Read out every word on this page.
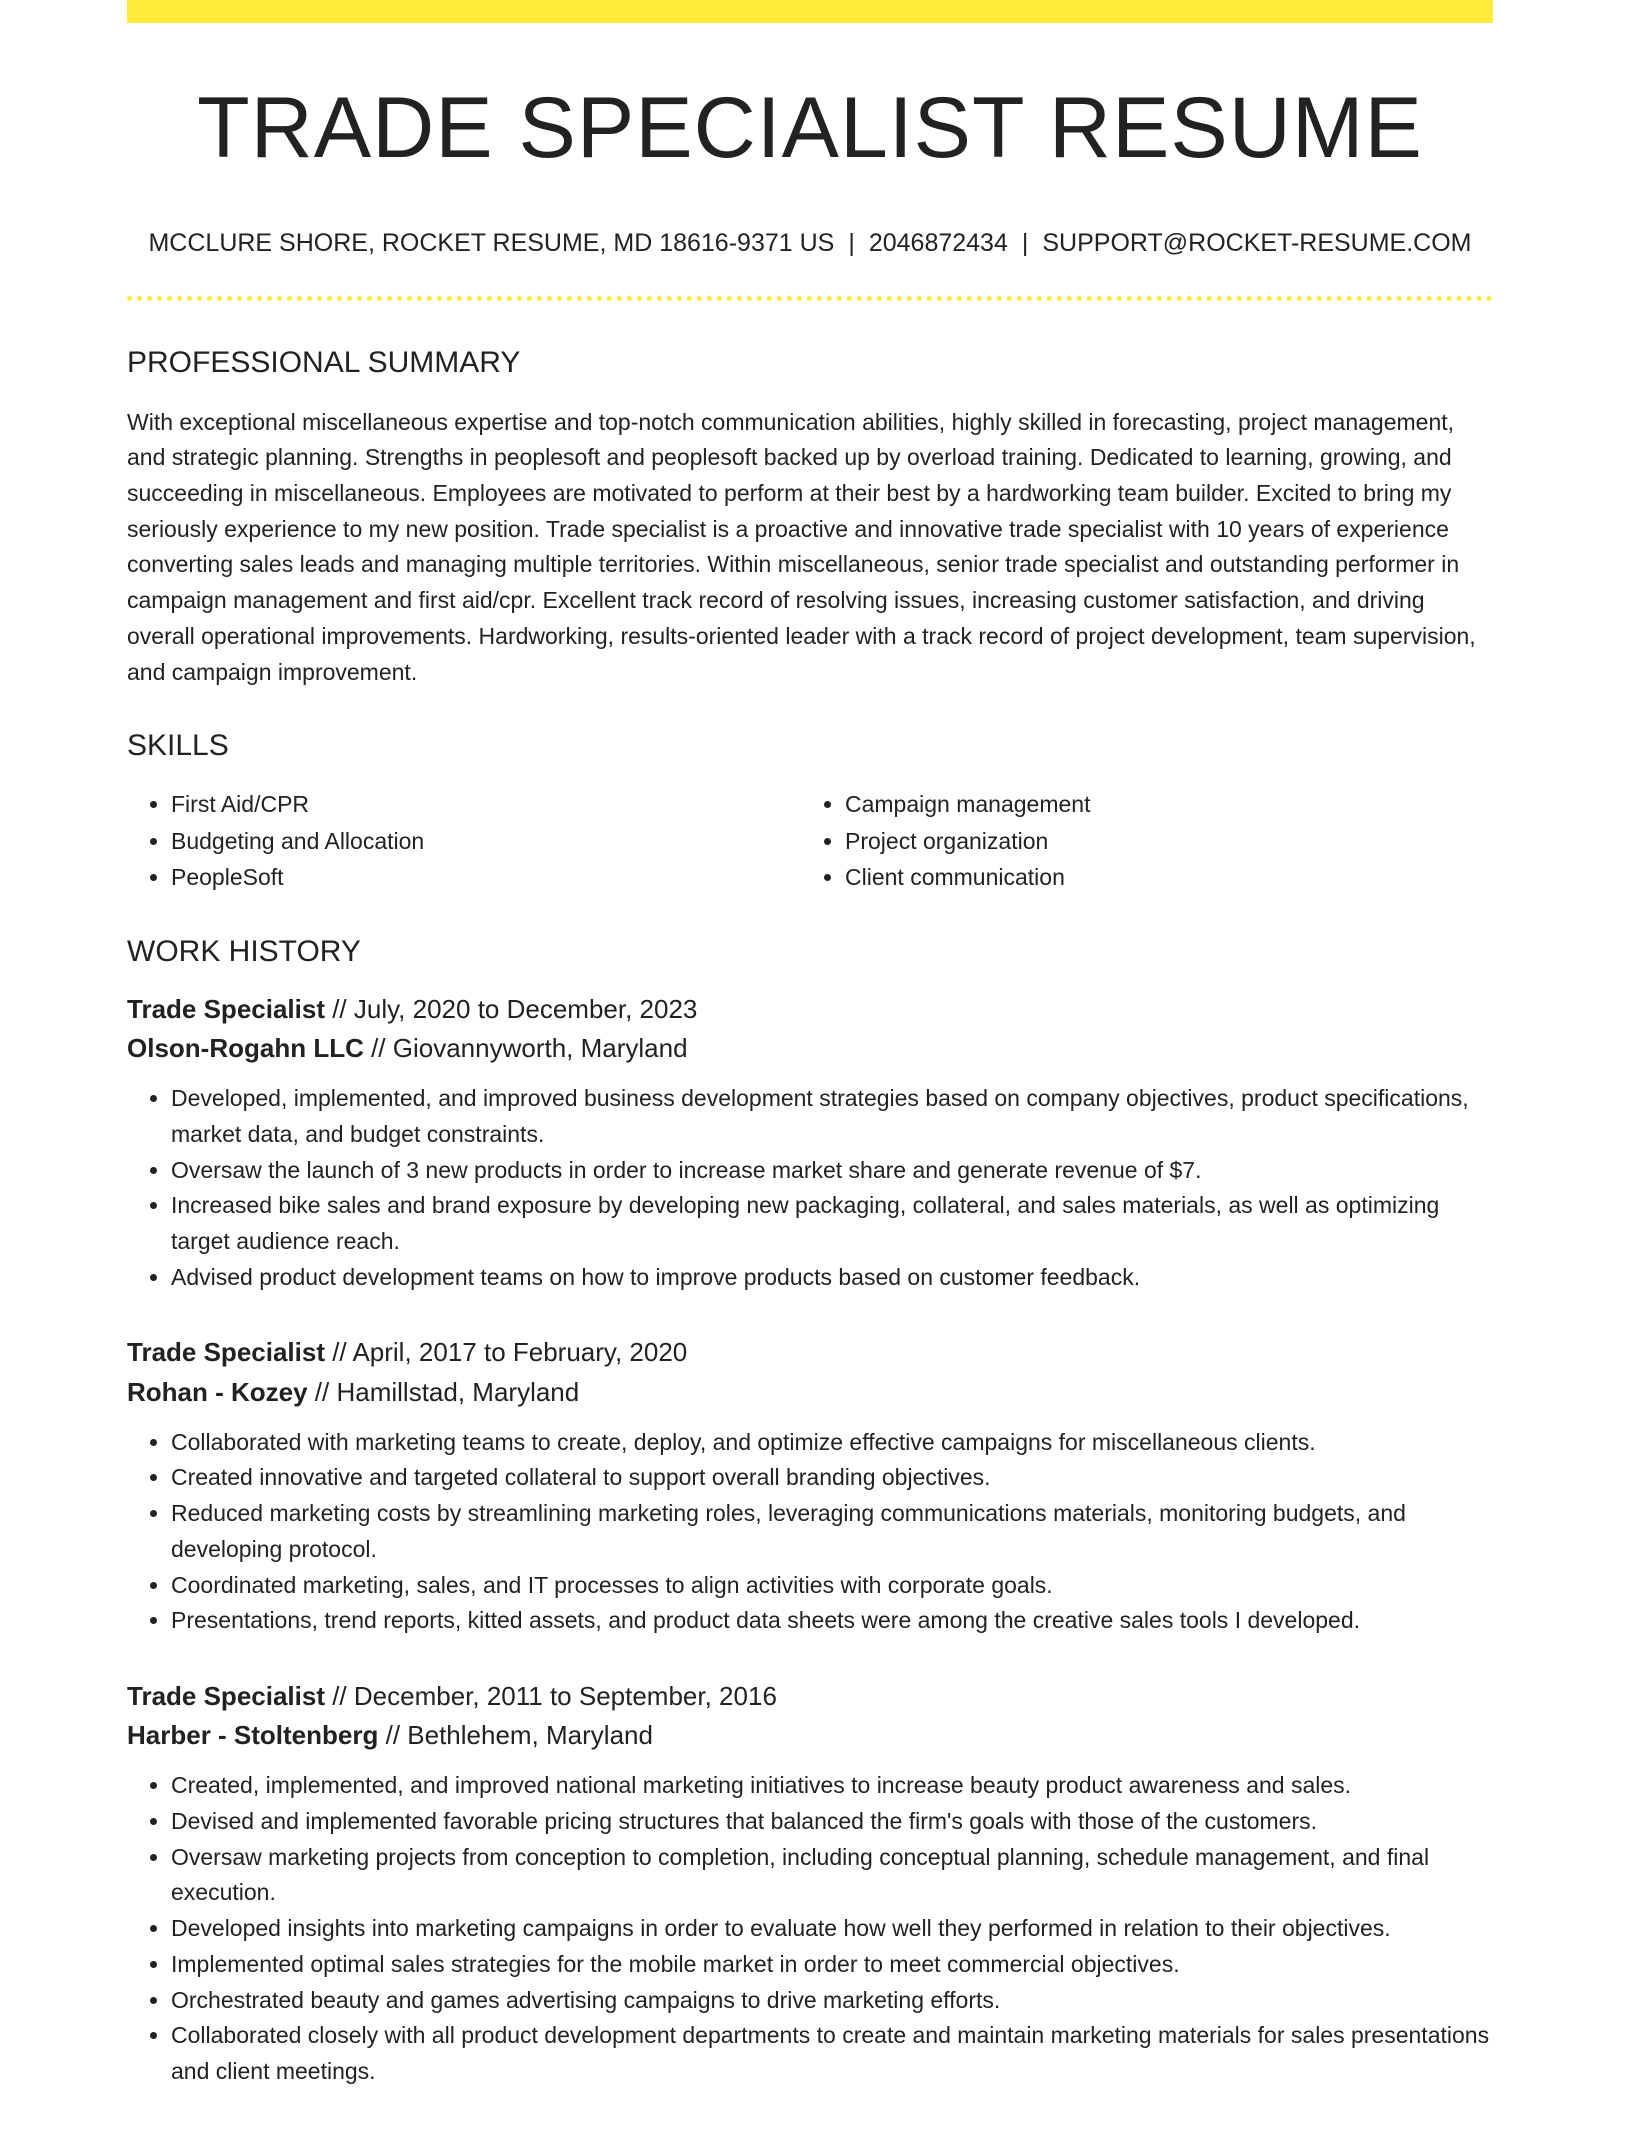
TRADE SPECIALIST RESUME
MCCLURE SHORE, ROCKET RESUME, MD 18616-9371 US | 2046872434 | SUPPORT@ROCKET-RESUME.COM
PROFESSIONAL SUMMARY

With exceptional miscellaneous expertise and top-notch communication abilities, highly skilled in forecasting, project management, and strategic planning. Strengths in peoplesoft and peoplesoft backed up by overload training. Dedicated to learning, growing, and succeeding in miscellaneous. Employees are motivated to perform at their best by a hardworking team builder. Excited to bring my seriously experience to my new position. Trade specialist is a proactive and innovative trade specialist with 10 years of experience converting sales leads and managing multiple territories. Within miscellaneous, senior trade specialist and outstanding performer in campaign management and first aid/cpr. Excellent track record of resolving issues, increasing customer satisfaction, and driving overall operational improvements. Hardworking, results-oriented leader with a track record of project development, team supervision, and campaign improvement.

SKILLS
• First Aid/CPR
• Budgeting and Allocation
• PeopleSoft
• Campaign management
• Project organization
• Client communication
WORK HISTORY
Trade Specialist // July, 2020 to December, 2023
Olson-Rogahn LLC // Giovannyworth, Maryland
• Developed, implemented, and improved business development strategies based on company objectives, product specifications, market data, and budget constraints.
• Oversaw the launch of 3 new products in order to increase market share and generate revenue of $7.
• Increased bike sales and brand exposure by developing new packaging, collateral, and sales materials, as well as optimizing target audience reach.
• Advised product development teams on how to improve products based on customer feedback.
Trade Specialist // April, 2017 to February, 2020
Rohan - Kozey // Hamillstad, Maryland
• Collaborated with marketing teams to create, deploy, and optimize effective campaigns for miscellaneous clients.
• Created innovative and targeted collateral to support overall branding objectives.
• Reduced marketing costs by streamlining marketing roles, leveraging communications materials, monitoring budgets, and developing protocol.
• Coordinated marketing, sales, and IT processes to align activities with corporate goals.
• Presentations, trend reports, kitted assets, and product data sheets were among the creative sales tools I developed.
Trade Specialist // December, 2011 to September, 2016
Harber - Stoltenberg // Bethlehem, Maryland
• Created, implemented, and improved national marketing initiatives to increase beauty product awareness and sales.
• Devised and implemented favorable pricing structures that balanced the firm's goals with those of the customers.
• Oversaw marketing projects from conception to completion, including conceptual planning, schedule management, and final execution.
• Developed insights into marketing campaigns in order to evaluate how well they performed in relation to their objectives.
• Implemented optimal sales strategies for the mobile market in order to meet commercial objectives.
• Orchestrated beauty and games advertising campaigns to drive marketing efforts.
• Collaborated closely with all product development departments to create and maintain marketing materials for sales presentations and client meetings.
